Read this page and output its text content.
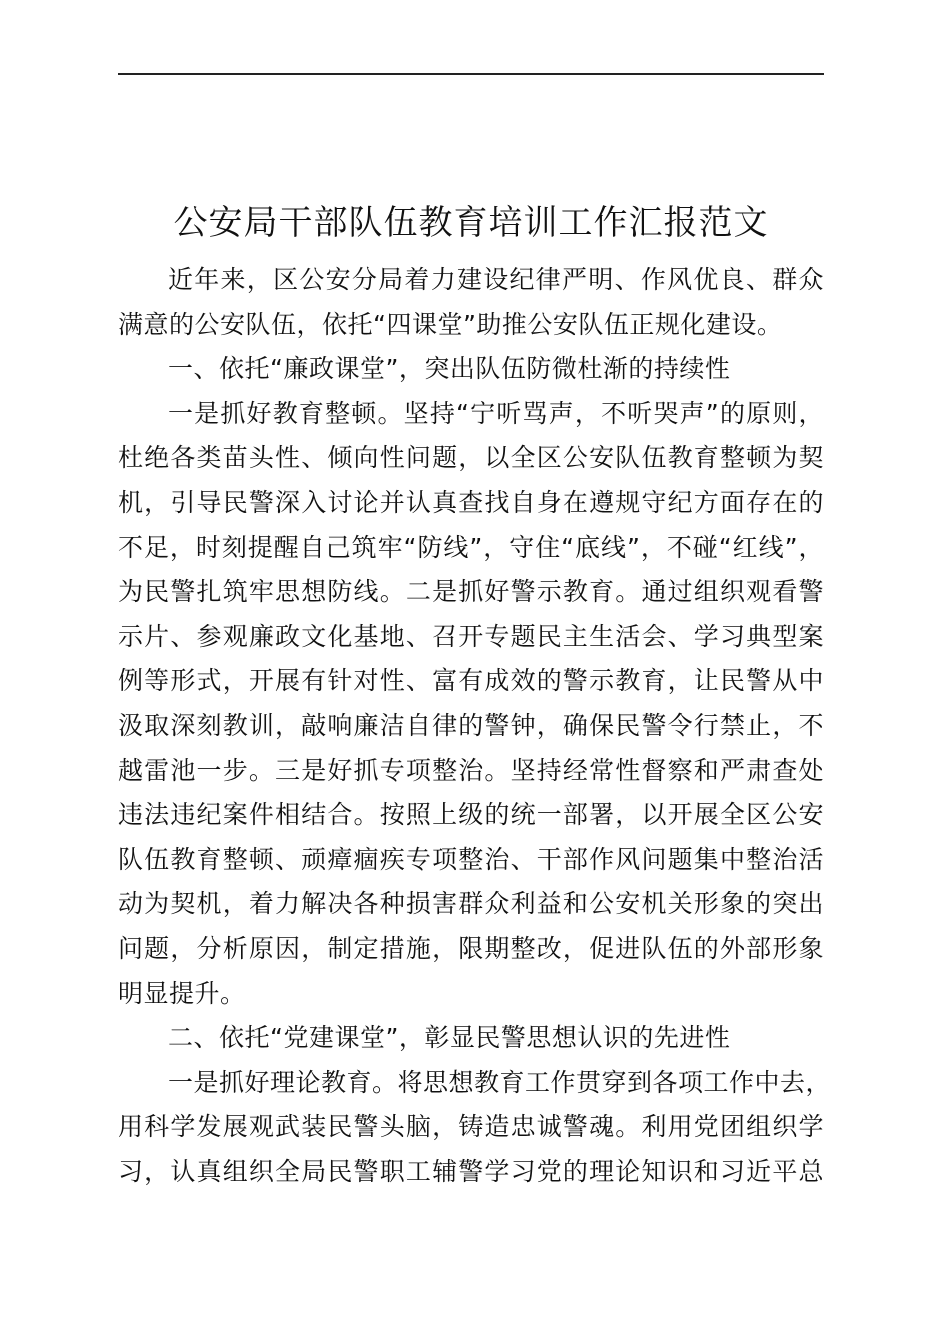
公安局干部队伍教育培训工作汇报范文
近年来，区公安分局着力建设纪律严明、作风优良、群众
满意的公安队伍，依托“四课堂”助推公安队伍正规化建设。
一、依托“廉政课堂”，突出队伍防微杜渐的持续性
一是抓好教育整顿。坚持“宁听骂声，不听哭声”的原则，
杜绝各类苗头性、倾向性问题，以全区公安队伍教育整顿为契
机，引导民警深入讨论并认真查找自身在遵规守纪方面存在的
不足，时刻提醒自己筑牢“防线”，守住“底线”，不碰“红线”，
为民警扎筑牢思想防线。二是抓好警示教育。通过组织观看警
示片、参观廉政文化基地、召开专题民主生活会、学习典型案
例等形式，开展有针对性、富有成效的警示教育，让民警从中
汲取深刻教训，敲响廉洁自律的警钟，确保民警令行禁止，不
越雷池一步。三是好抓专项整治。坚持经常性督察和严肃查处
违法违纪案件相结合。按照上级的统一部署，以开展全区公安
队伍教育整顿、顽瘴痼疾专项整治、干部作风问题集中整治活
动为契机，着力解决各种损害群众利益和公安机关形象的突出
问题，分析原因，制定措施，限期整改，促进队伍的外部形象
明显提升。
二、依托“党建课堂”，彰显民警思想认识的先进性
一是抓好理论教育。将思想教育工作贯穿到各项工作中去，
用科学发展观武装民警头脑，铸造忠诚警魂。利用党团组织学
习，认真组织全局民警职工辅警学习党的理论知识和习近平总
